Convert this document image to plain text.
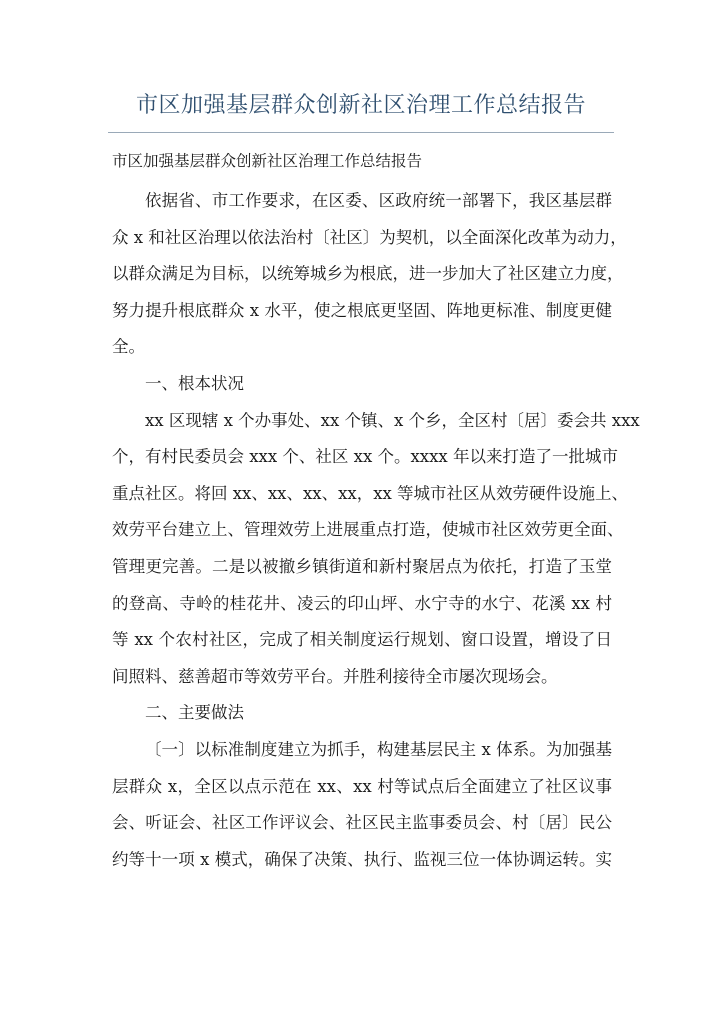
市区加强基层群众创新社区治理工作总结报告
市区加强基层群众创新社区治理工作总结报告
依据省、市工作要求，在区委、区政府统一部署下，我区基层群
众 x 和社区治理以依法治村〔社区〕为契机，以全面深化改革为动力，
以群众满足为目标，以统筹城乡为根底，进一步加大了社区建立力度，
努力提升根底群众 x 水平，使之根底更坚固、阵地更标准、制度更健
全。
一、根本状况
xx 区现辖 x 个办事处、xx 个镇、x 个乡，全区村〔居〕委会共 xxx
个，有村民委员会 xxx 个、社区 xx 个。xxxx 年以来打造了一批城市
重点社区。将回 xx、xx、xx、xx，xx 等城市社区从效劳硬件设施上、
效劳平台建立上、管理效劳上进展重点打造，使城市社区效劳更全面、
管理更完善。二是以被撤乡镇街道和新村聚居点为依托，打造了玉堂
的登高、寺岭的桂花井、凌云的印山坪、水宁寺的水宁、花溪 xx 村
等 xx 个农村社区，完成了相关制度运行规划、窗口设置，增设了日
间照料、慈善超市等效劳平台。并胜利接待全市屡次现场会。
二、主要做法
〔一〕以标准制度建立为抓手，构建基层民主 x 体系。为加强基
层群众 x，全区以点示范在 xx、xx 村等试点后全面建立了社区议事
会、听证会、社区工作评议会、社区民主监事委员会、村〔居〕民公
约等十一项 x 模式，确保了决策、执行、监视三位一体协调运转。实
